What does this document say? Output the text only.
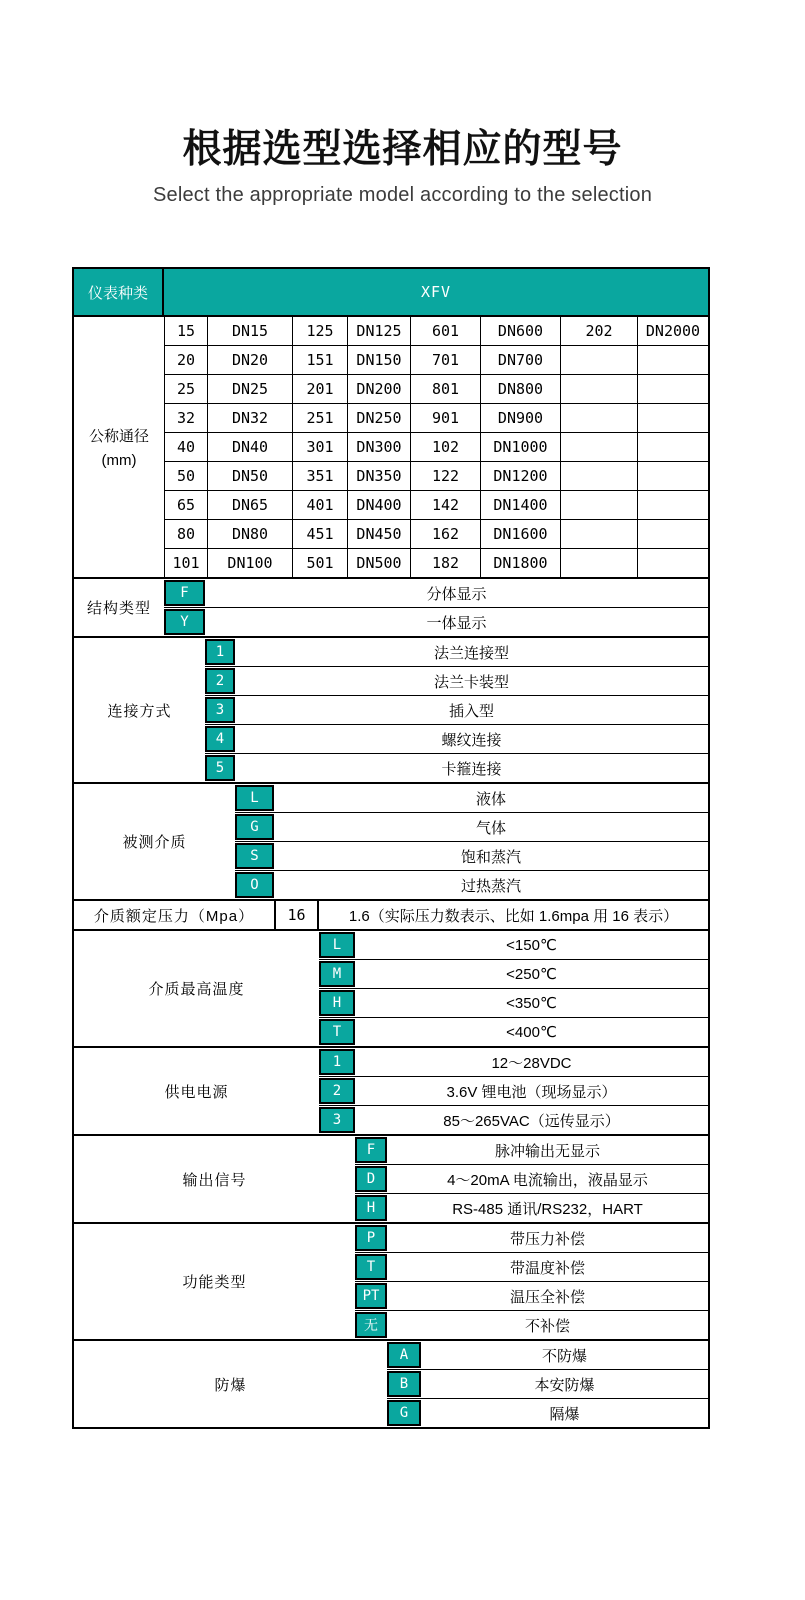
根据选型选择相应的型号
Select the appropriate model according to the selection
仪表种类	XFV
公称通径
(mm)
15	DN15	125	DN125	601	DN600	202	DN2000
20	DN20	151	DN150	701	DN700
25	DN25	201	DN200	801	DN800
32	DN32	251	DN250	901	DN900
40	DN40	301	DN300	102	DN1000
50	DN50	351	DN350	122	DN1200
65	DN65	401	DN400	142	DN1400
80	DN80	451	DN450	162	DN1600
101	DN100	501	DN500	182	DN1800
结构类型
F	分体显示
Y	一体显示
连接方式
1	法兰连接型
2	法兰卡装型
3	插入型
4	螺纹连接
5	卡箍连接
被测介质
L	液体
G	气体
S	饱和蒸汽
O	过热蒸汽
介质额定压力（Mpa）	16	1.6（实际压力数表示、比如 1.6mpa 用 16 表示）
介质最高温度
L	<150℃
M	<250℃
H	<350℃
T	<400℃
供电电源
1	12～28VDC
2	3.6V 锂电池（现场显示）
3	85～265VAC（远传显示）
输出信号
F	脉冲输出无显示
D	4～20mA 电流输出，液晶显示
H	RS-485 通讯/RS232，HART
功能类型
P	带压力补偿
T	带温度补偿
PT	温压全补偿
无	不补偿
防爆
A	不防爆
B	本安防爆
G	隔爆
